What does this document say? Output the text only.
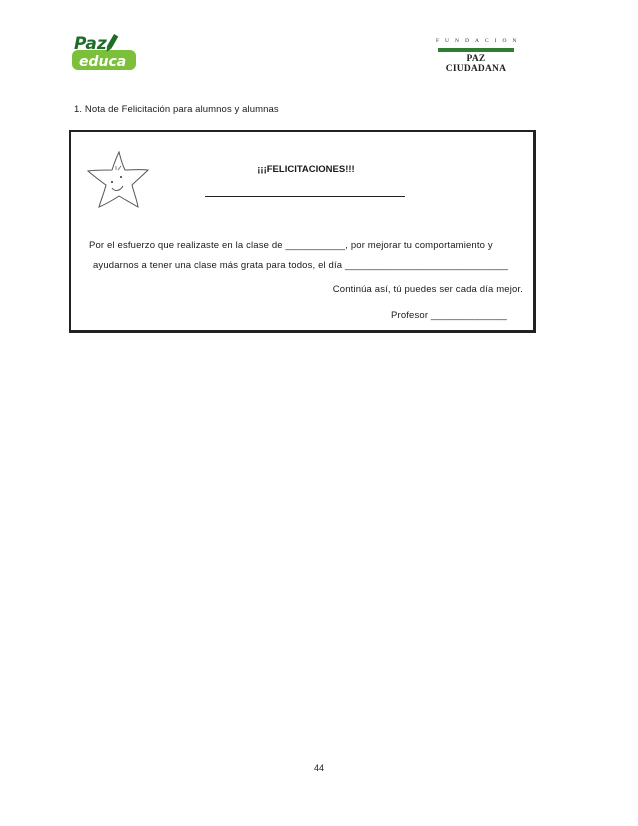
Paz
educa
FUNDACION
PAZ CIUDADANA
1. Nota de Felicitación para alumnos y alumnas
¡¡¡FELICITACIONES!!!
Por el esfuerzo que realizaste en la clase de ___________, por mejorar tu comportamiento y
ayudarnos a tener una clase más grata para todos, el día ______________________________
Continúa así, tú puedes ser cada día mejor.
Profesor ______________
44
